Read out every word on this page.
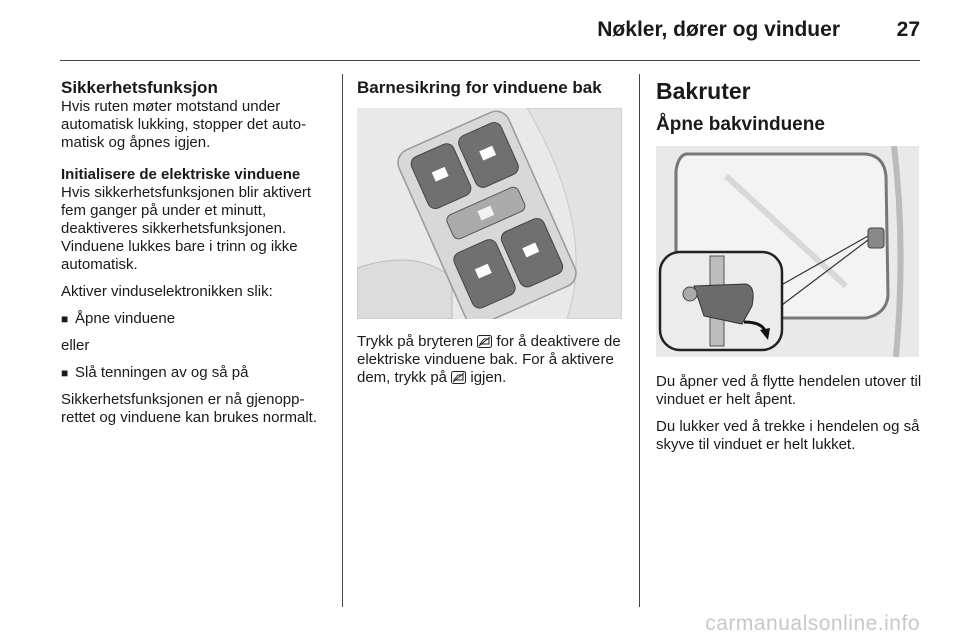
Nøkler, dører og vinduer	27
Sikkerhetsfunksjon

Hvis ruten møter motstand under automatisk lukking, stopper det automatisk og åpnes igjen.

Initialisere de elektriske vinduene

Hvis sikkerhetsfunksjonen blir aktivert fem ganger på under et minutt, deaktiveres sikkerhetsfunksjonen. Vinduene lukkes bare i trinn og ikke automatisk.

Aktiver vinduselektronikken slik:

■ Åpne vinduene

eller

■ Slå tenningen av og så på

Sikkerhetsfunksjonen er nå gjenopprettet og vinduene kan brukes normalt.

Barnesikring for vinduene bak

Trykk på bryteren  for å deaktivere de elektriske vinduene bak. For å aktivere dem, trykk på  igjen.

Bakruter
Åpne bakvinduene

Du åpner ved å flytte hendelen utover til vinduet er helt åpent.

Du lukker ved å trekke i hendelen og så skyve til vinduet er helt lukket.

carmanualsonline.info
